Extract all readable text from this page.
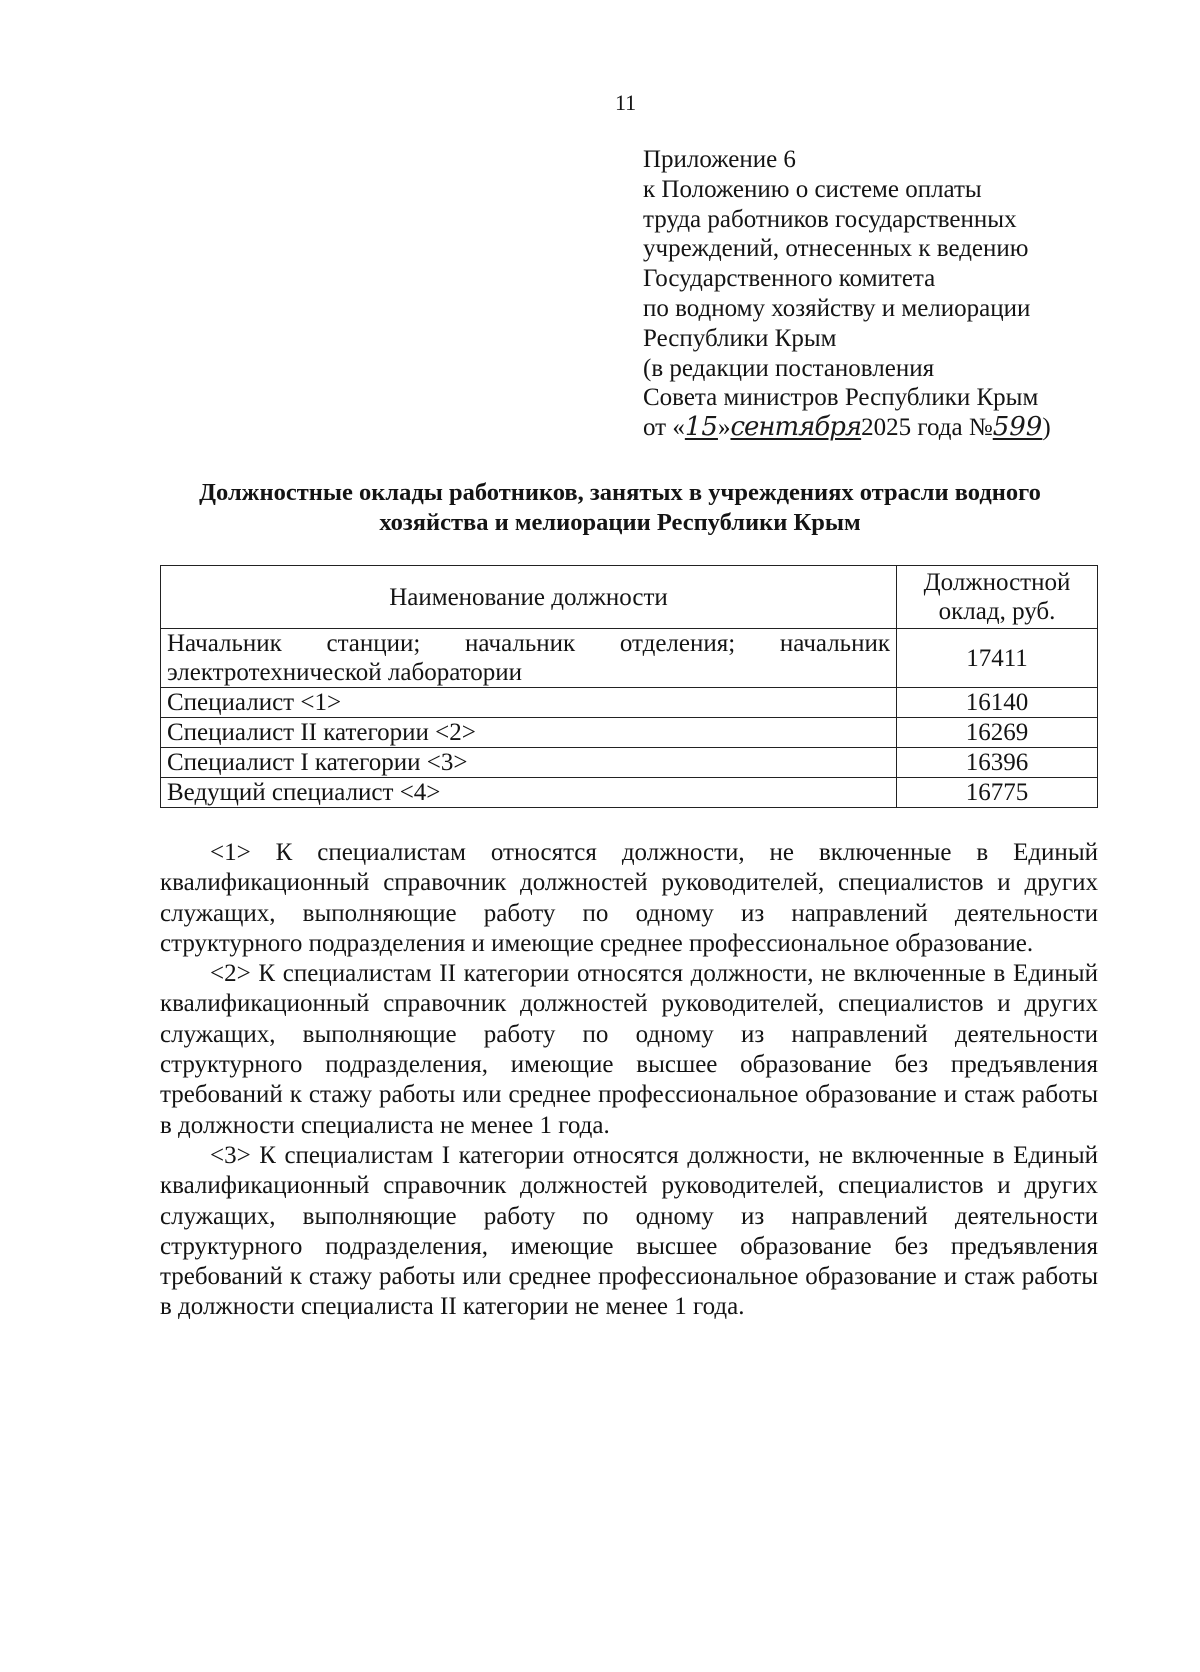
11
Приложение 6
к Положению о системе оплаты
труда работников государственных
учреждений, отнесенных к ведению
Государственного комитета
по водному хозяйству и мелиорации
Республики Крым
(в редакции постановления
Совета министров Республики Крым
от «15»сентября2025 года №599)
Должностные оклады работников, занятых в учреждениях отрасли водного
хозяйства и мелиорации Республики Крым
Наименование должности	Должностной
оклад, руб.

Начальник станции; начальник отделения; начальник электротехнической лаборатории	17411
Специалист <1>	16140
Специалист II категории <2>	16269
Специалист I категории <3>	16396
Ведущий специалист <4>	16775

<1> К специалистам относятся должности, не включенные в Единый квалификационный справочник должностей руководителей, специалистов и других служащих, выполняющие работу по одному из направлений деятельности структурного подразделения и имеющие среднее профессиональное образование.

<2> К специалистам II категории относятся должности, не включенные в Единый квалификационный справочник должностей руководителей, специалистов и других служащих, выполняющие работу по одному из направлений деятельности структурного подразделения, имеющие высшее образование без предъявления требований к стажу работы или среднее профессиональное образование и стаж работы в должности специалиста не менее 1 года.

<3> К специалистам I категории относятся должности, не включенные в Единый квалификационный справочник должностей руководителей, специалистов и других служащих, выполняющие работу по одному из направлений деятельности структурного подразделения, имеющие высшее образование без предъявления требований к стажу работы или среднее профессиональное образование и стаж работы в должности специалиста II категории не менее 1 года.
